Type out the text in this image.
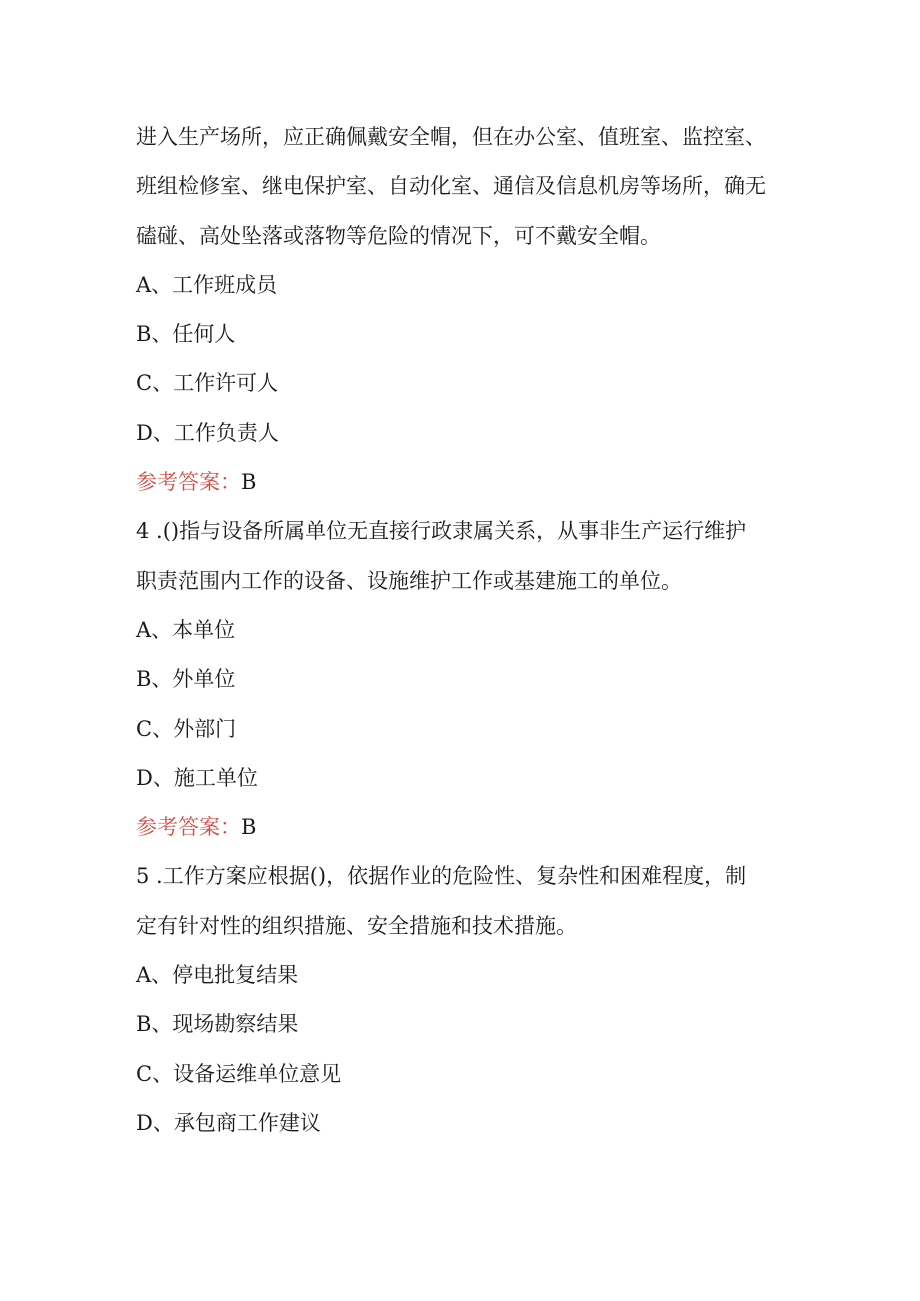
进入生产场所，应正确佩戴安全帽，但在办公室、值班室、监控室、
班组检修室、继电保护室、自动化室、通信及信息机房等场所，确无
磕碰、高处坠落或落物等危险的情况下，可不戴安全帽。
A、工作班成员
B、任何人
C、工作许可人
D、工作负责人
参考答案：B
4 .()指与设备所属单位无直接行政隶属关系，从事非生产运行维护
职责范围内工作的设备、设施维护工作或基建施工的单位。
A、本单位
B、外单位
C、外部门
D、施工单位
参考答案：B
5 .工作方案应根据()，依据作业的危险性、复杂性和困难程度，制
定有针对性的组织措施、安全措施和技术措施。
A、停电批复结果
B、现场勘察结果
C、设备运维单位意见
D、承包商工作建议
